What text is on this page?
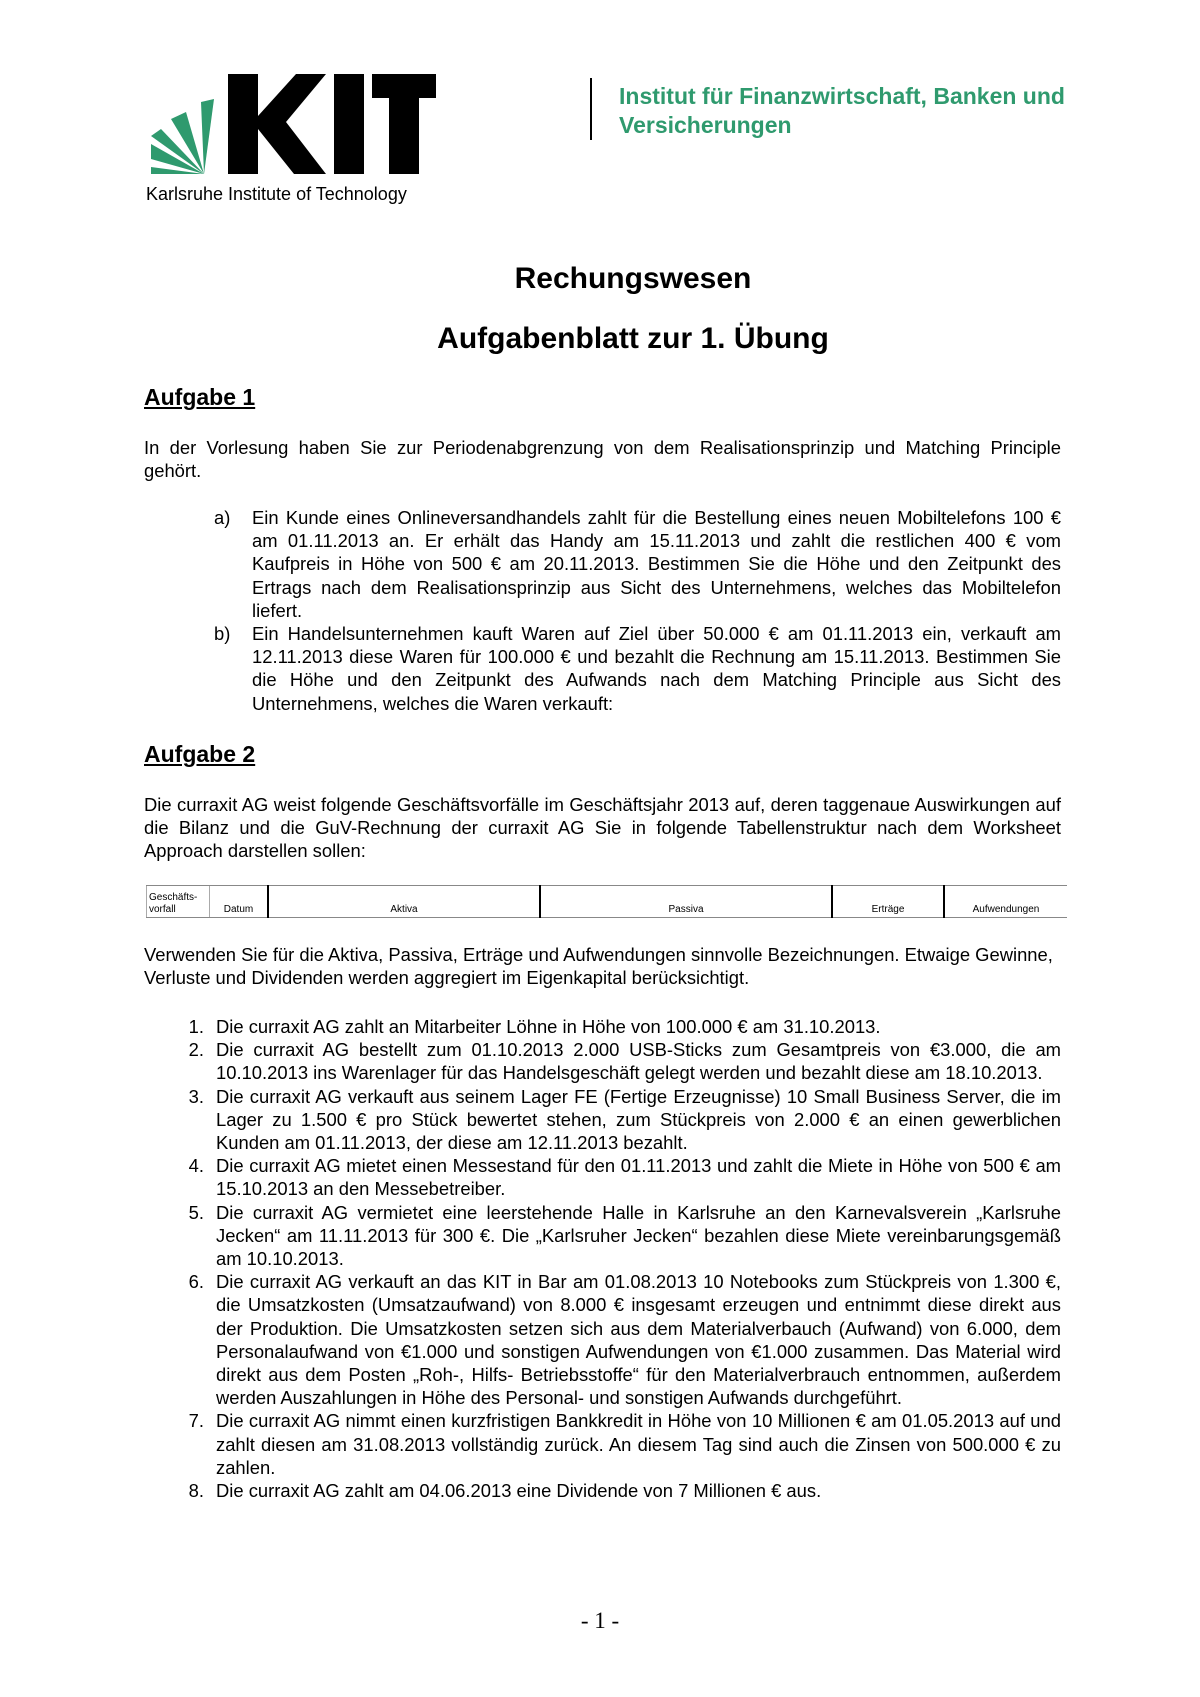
Karlsruhe Institute of Technology
Institut für Finanzwirtschaft, Banken und
Versicherungen
Rechungswesen
Aufgabenblatt zur 1. Übung
Aufgabe 1
In der Vorlesung haben Sie zur Periodenabgrenzung von dem Realisationsprinzip und Matching Principle gehört.
a) Ein Kunde eines Onlineversandhandels zahlt für die Bestellung eines neuen Mobiltelefons 100 € am 01.11.2013 an. Er erhält das Handy am 15.11.2013 und zahlt die restlichen 400 € vom Kaufpreis in Höhe von 500 € am 20.11.2013. Bestimmen Sie die Höhe und den Zeitpunkt des Ertrags nach dem Realisationsprinzip aus Sicht des Unternehmens, welches das Mobiltelefon liefert.
b) Ein Handelsunternehmen kauft Waren auf Ziel über 50.000 € am 01.11.2013 ein, verkauft am 12.11.2013 diese Waren für 100.000 € und bezahlt die Rechnung am 15.11.2013. Bestimmen Sie die Höhe und den Zeitpunkt des Aufwands nach dem Matching Principle aus Sicht des Unternehmens, welches die Waren verkauft:
Aufgabe 2
Die curraxit AG weist folgende Geschäftsvorfälle im Geschäftsjahr 2013 auf, deren taggenaue Auswirkungen auf die Bilanz und die GuV-Rechnung der curraxit AG Sie in folgende Tabellenstruktur nach dem Worksheet Approach darstellen sollen:
Geschäfts-
vorfall	Datum	Aktiva	Passiva	Erträge	Aufwendungen
Verwenden Sie für die Aktiva, Passiva, Erträge und Aufwendungen sinnvolle Bezeichnungen. Etwaige Gewinne, Verluste und Dividenden werden aggregiert im Eigenkapital berücksichtigt.
1. Die curraxit AG zahlt an Mitarbeiter Löhne in Höhe von 100.000 € am 31.10.2013.
2. Die curraxit AG bestellt zum 01.10.2013 2.000 USB-Sticks zum Gesamtpreis von €3.000, die am 10.10.2013 ins Warenlager für das Handelsgeschäft gelegt werden und bezahlt diese am 18.10.2013.
3. Die curraxit AG verkauft aus seinem Lager FE (Fertige Erzeugnisse) 10 Small Business Server, die im Lager zu 1.500 € pro Stück bewertet stehen, zum Stückpreis von 2.000 € an einen gewerblichen Kunden am 01.11.2013, der diese am 12.11.2013 bezahlt.
4. Die curraxit AG mietet einen Messestand für den 01.11.2013 und zahlt die Miete in Höhe von 500 € am 15.10.2013 an den Messebetreiber.
5. Die curraxit AG vermietet eine leerstehende Halle in Karlsruhe an den Karnevalsverein „Karlsruhe Jecken“ am 11.11.2013 für 300 €. Die „Karlsruher Jecken“ bezahlen diese Miete vereinbarungsgemäß am 10.10.2013.
6. Die curraxit AG verkauft an das KIT in Bar am 01.08.2013 10 Notebooks zum Stückpreis von 1.300 €, die Umsatzkosten (Umsatzaufwand) von 8.000 € insgesamt erzeugen und entnimmt diese direkt aus der Produktion. Die Umsatzkosten setzen sich aus dem Materialverbauch (Aufwand) von 6.000, dem Personalaufwand von €1.000 und sonstigen Aufwendungen von €1.000 zusammen. Das Material wird direkt aus dem Posten „Roh-, Hilfs- Betriebsstoffe“ für den Materialverbrauch entnommen, außerdem werden Auszahlungen in Höhe des Personal- und sonstigen Aufwands durchgeführt.
7. Die curraxit AG nimmt einen kurzfristigen Bankkredit in Höhe von 10 Millionen € am 01.05.2013 auf und zahlt diesen am 31.08.2013 vollständig zurück. An diesem Tag sind auch die Zinsen von 500.000 € zu zahlen.
8. Die curraxit AG zahlt am 04.06.2013 eine Dividende von 7 Millionen € aus.
- 1 -
